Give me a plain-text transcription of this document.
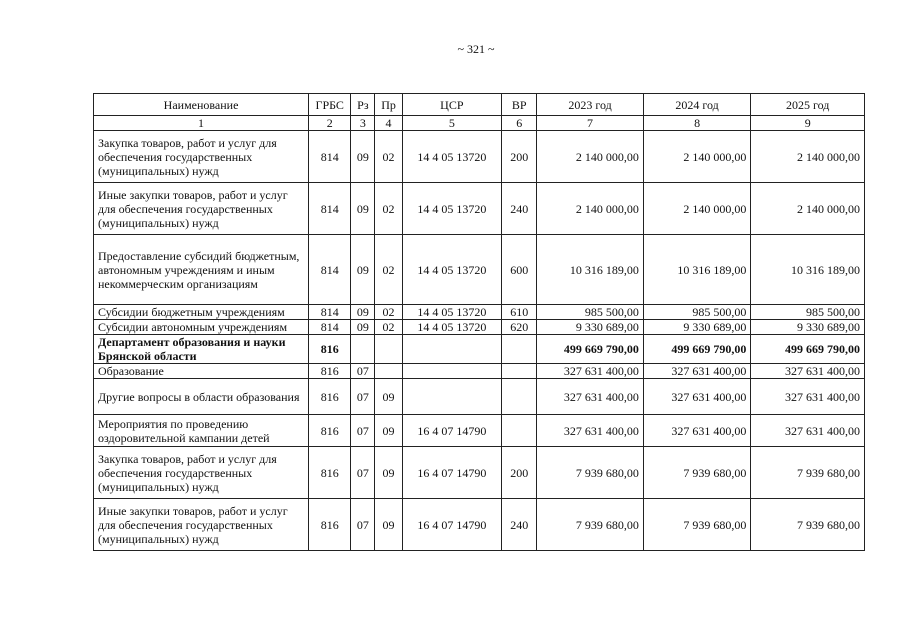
~ 321 ~
Наименование	ГРБС	Рз	Пр	ЦСР	ВР	2023 год	2024 год	2025 год
1	2	3	4	5	6	7	8	9
Закупка товаров, работ и услуг для обеспечения государственных (муниципальных) нужд	814	09	02	14 4 05 13720	200	2 140 000,00	2 140 000,00	2 140 000,00
Иные закупки товаров, работ и услуг для обеспечения государственных (муниципальных) нужд	814	09	02	14 4 05 13720	240	2 140 000,00	2 140 000,00	2 140 000,00
Предоставление субсидий бюджетным, автономным учреждениям и иным некоммерческим организациям	814	09	02	14 4 05 13720	600	10 316 189,00	10 316 189,00	10 316 189,00
Субсидии бюджетным учреждениям	814	09	02	14 4 05 13720	610	985 500,00	985 500,00	985 500,00
Субсидии автономным учреждениям	814	09	02	14 4 05 13720	620	9 330 689,00	9 330 689,00	9 330 689,00
Департамент образования и науки Брянской области	816					499 669 790,00	499 669 790,00	499 669 790,00
Образование	816	07				327 631 400,00	327 631 400,00	327 631 400,00
Другие вопросы в области образования	816	07	09			327 631 400,00	327 631 400,00	327 631 400,00
Мероприятия по проведению оздоровительной кампании детей	816	07	09	16 4 07 14790		327 631 400,00	327 631 400,00	327 631 400,00
Закупка товаров, работ и услуг для обеспечения государственных (муниципальных) нужд	816	07	09	16 4 07 14790	200	7 939 680,00	7 939 680,00	7 939 680,00
Иные закупки товаров, работ и услуг для обеспечения государственных (муниципальных) нужд	816	07	09	16 4 07 14790	240	7 939 680,00	7 939 680,00	7 939 680,00
